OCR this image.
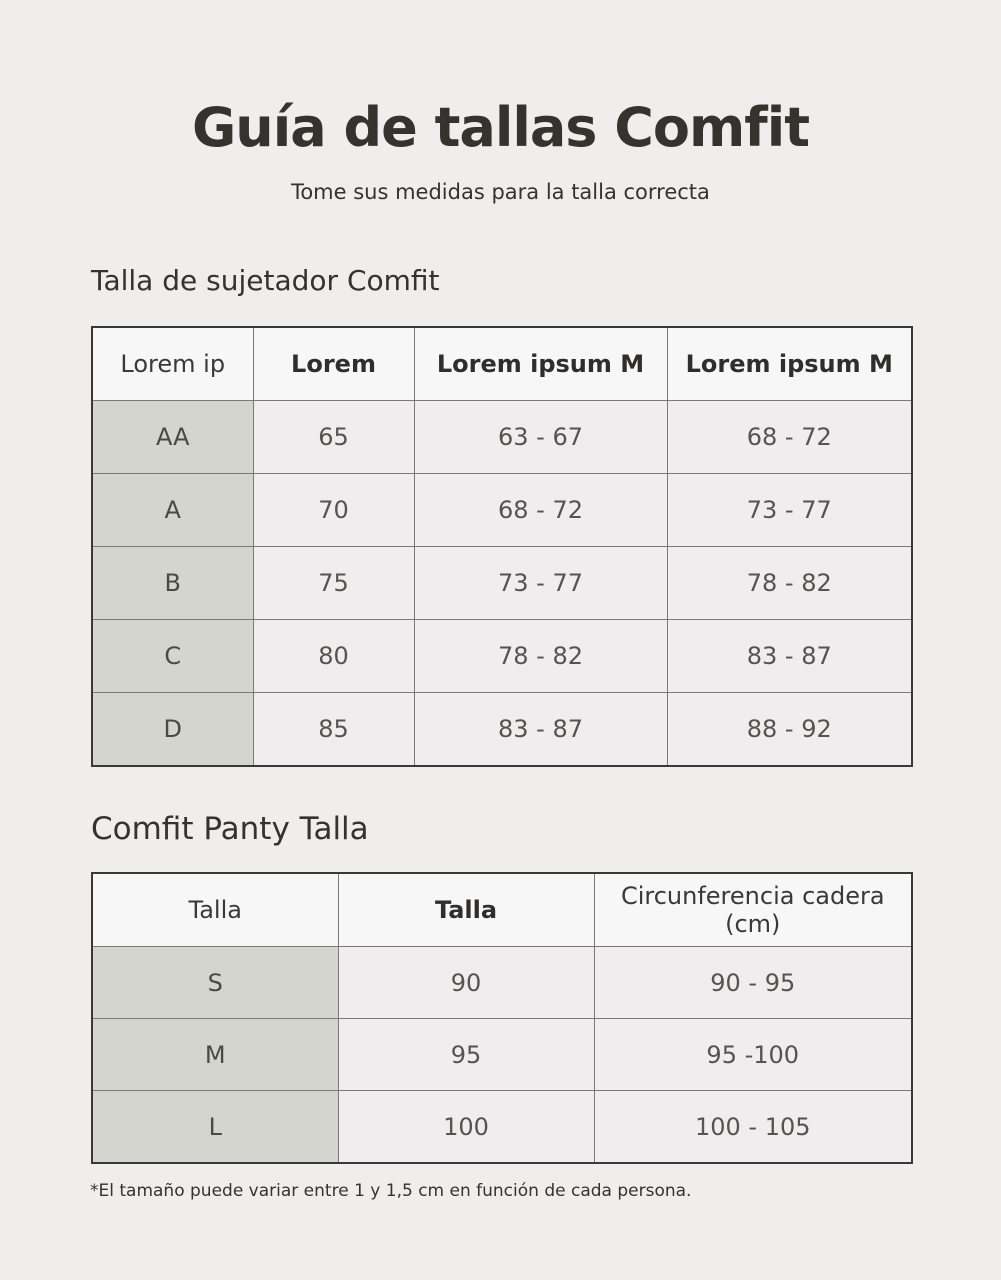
Guía de tallas Comfit

Tome sus medidas para la talla correcta

Talla de sujetador Comfit
Lorem ip	Lorem	Lorem ipsum M	Lorem ipsum M
AA	65	63 - 67	68 - 72
A	70	68 - 72	73 - 77
B	75	73 - 77	78 - 82
C	80	78 - 82	83 - 87
D	85	83 - 87	88 - 92
Comfit Panty Talla
Talla	Talla	Circunferencia cadera (cm)
S	90	90 - 95
M	95	95 -100
L	100	100 - 105

*El tamaño puede variar entre 1 y 1,5 cm en función de cada persona.
